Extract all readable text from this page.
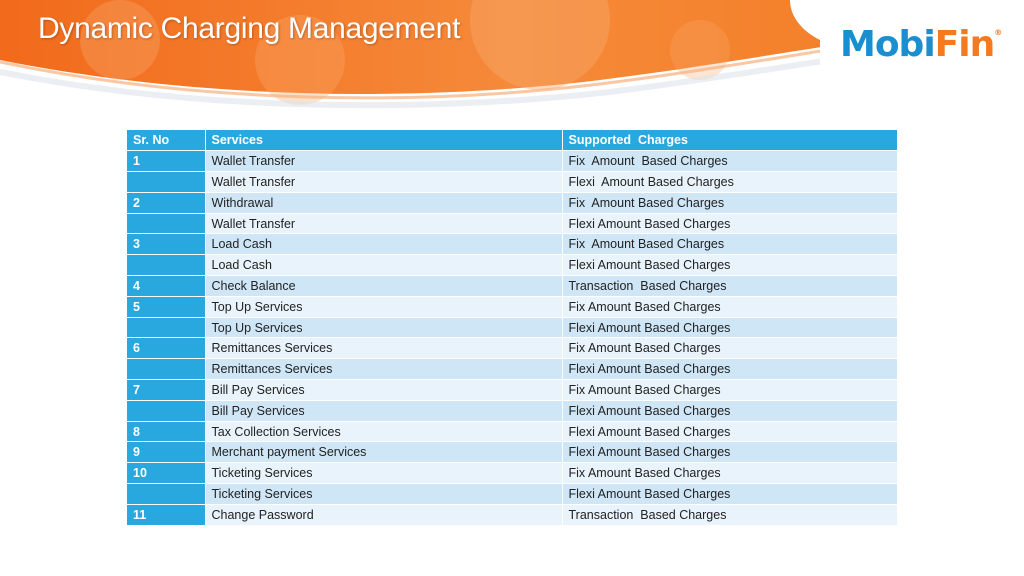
Dynamic Charging Management	MobiFin®
Sr. No	Services	Supported  Charges
1	Wallet Transfer	Fix  Amount  Based Charges
	Wallet Transfer	Flexi  Amount Based Charges
2	Withdrawal	Fix  Amount Based Charges
	Wallet Transfer	Flexi Amount Based Charges
3	Load Cash	Fix  Amount Based Charges
	Load Cash	Flexi Amount Based Charges
4	Check Balance	Transaction  Based Charges
5	Top Up Services	Fix Amount Based Charges
	Top Up Services	Flexi Amount Based Charges
6	Remittances Services	Fix Amount Based Charges
	Remittances Services	Flexi Amount Based Charges
7	Bill Pay Services	Fix Amount Based Charges
	Bill Pay Services	Flexi Amount Based Charges
8	Tax Collection Services	Flexi Amount Based Charges
9	Merchant payment Services	Flexi Amount Based Charges
10	Ticketing Services	Fix Amount Based Charges
	Ticketing Services	Flexi Amount Based Charges
11	Change Password	Transaction  Based Charges
